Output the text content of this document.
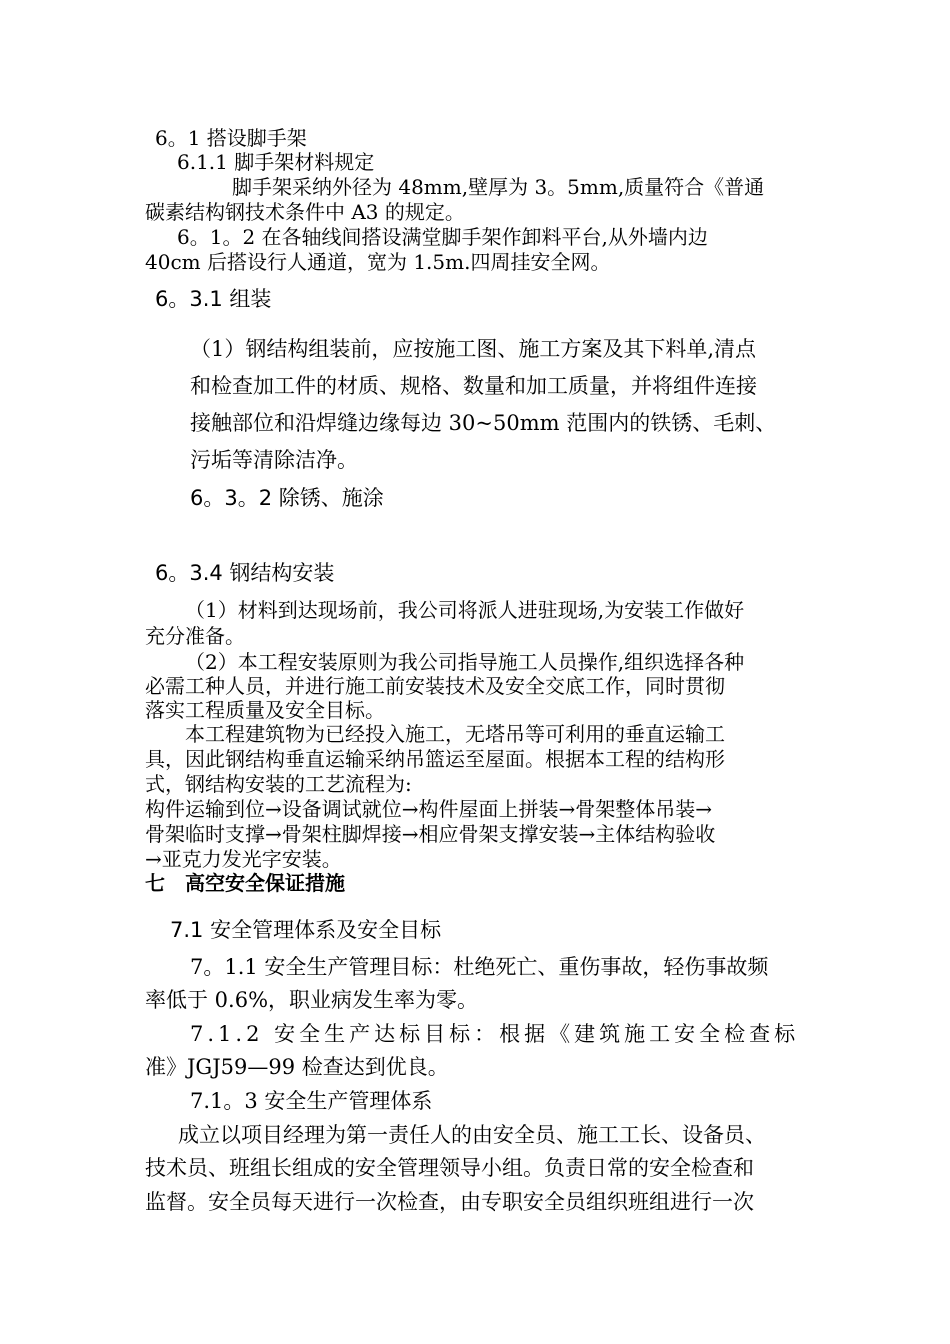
6。1 搭设脚手架

6.1.1 脚手架材料规定

脚手架采纳外径为 48mm,壁厚为 3。5mm,质量符合《普通

碳素结构钢技术条件中 A3 的规定。

6。1。2 在各轴线间搭设满堂脚手架作卸料平台,从外墙内边

40cm 后搭设行人通道，宽为 1.5m.四周挂安全网。

6。3.1 组装

（1）钢结构组装前，应按施工图、施工方案及其下料单,清点

和检查加工件的材质、规格、数量和加工质量，并将组件连接

接触部位和沿焊缝边缘每边 30~50mm 范围内的铁锈、毛刺、

污垢等清除洁净。

6。3。2 除锈、施涂

6。3.4 钢结构安装

（1）材料到达现场前，我公司将派人进驻现场,为安装工作做好

充分准备。

（2）本工程安装原则为我公司指导施工人员操作,组织选择各种

必需工种人员，并进行施工前安装技术及安全交底工作，同时贯彻

落实工程质量及安全目标。

本工程建筑物为已经投入施工，无塔吊等可利用的垂直运输工

具，因此钢结构垂直运输采纳吊篮运至屋面。根据本工程的结构形

式，钢结构安装的工艺流程为:

构件运输到位→设备调试就位→构件屋面上拼装→骨架整体吊装→

骨架临时支撑→骨架柱脚焊接→相应骨架支撑安装→主体结构验收

→亚克力发光字安装。

七　高空安全保证措施

7.1 安全管理体系及安全目标

7。1.1 安全生产管理目标：杜绝死亡、重伤事故，轻伤事故频

率低于 0.6%，职业病发生率为零。

7.1.2 安全生产达标目标：根据《建筑施工安全检查标

准》JGJ59—99 检查达到优良。

7.1。3 安全生产管理体系

成立以项目经理为第一责任人的由安全员、施工工长、设备员、

技术员、班组长组成的安全管理领导小组。负责日常的安全检查和

监督。安全员每天进行一次检查，由专职安全员组织班组进行一次
